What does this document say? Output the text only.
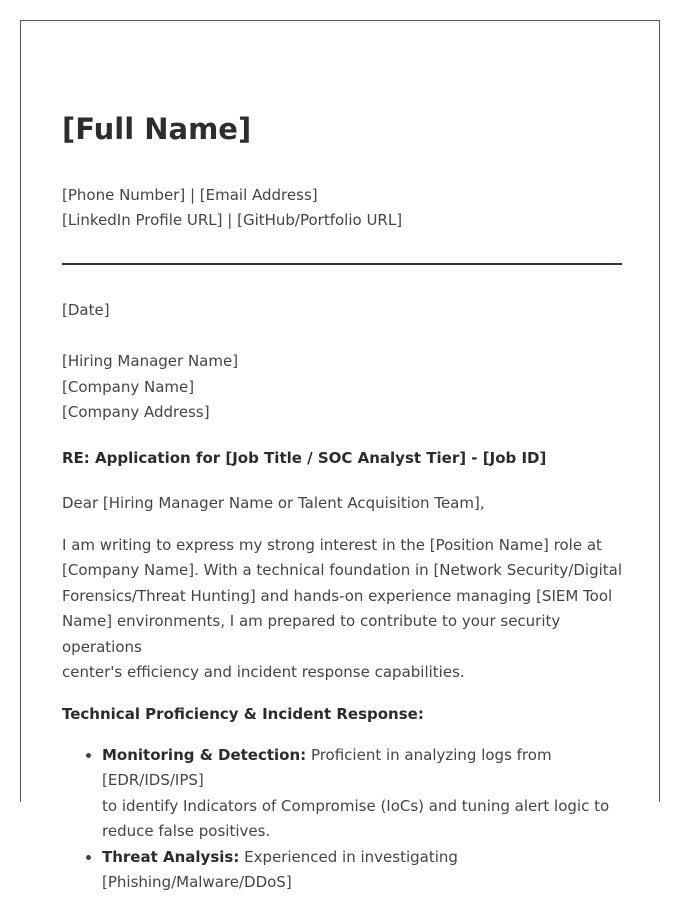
[Full Name]
[Phone Number] | [Email Address]
[LinkedIn Profile URL] | [GitHub/Portfolio URL]
[Date]
[Hiring Manager Name]
[Company Name]
[Company Address]
RE: Application for [Job Title / SOC Analyst Tier] - [Job ID]
Dear [Hiring Manager Name or Talent Acquisition Team],
I am writing to express my strong interest in the [Position Name] role at
[Company Name]. With a technical foundation in [Network Security/Digital
Forensics/Threat Hunting] and hands-on experience managing [SIEM Tool
Name] environments, I am prepared to contribute to your security operations
center's efficiency and incident response capabilities.
Technical Proficiency & Incident Response:
• Monitoring & Detection: Proficient in analyzing logs from [EDR/IDS/IPS]
to identify Indicators of Compromise (IoCs) and tuning alert logic to
reduce false positives.
• Threat Analysis: Experienced in investigating [Phishing/Malware/DDoS]
